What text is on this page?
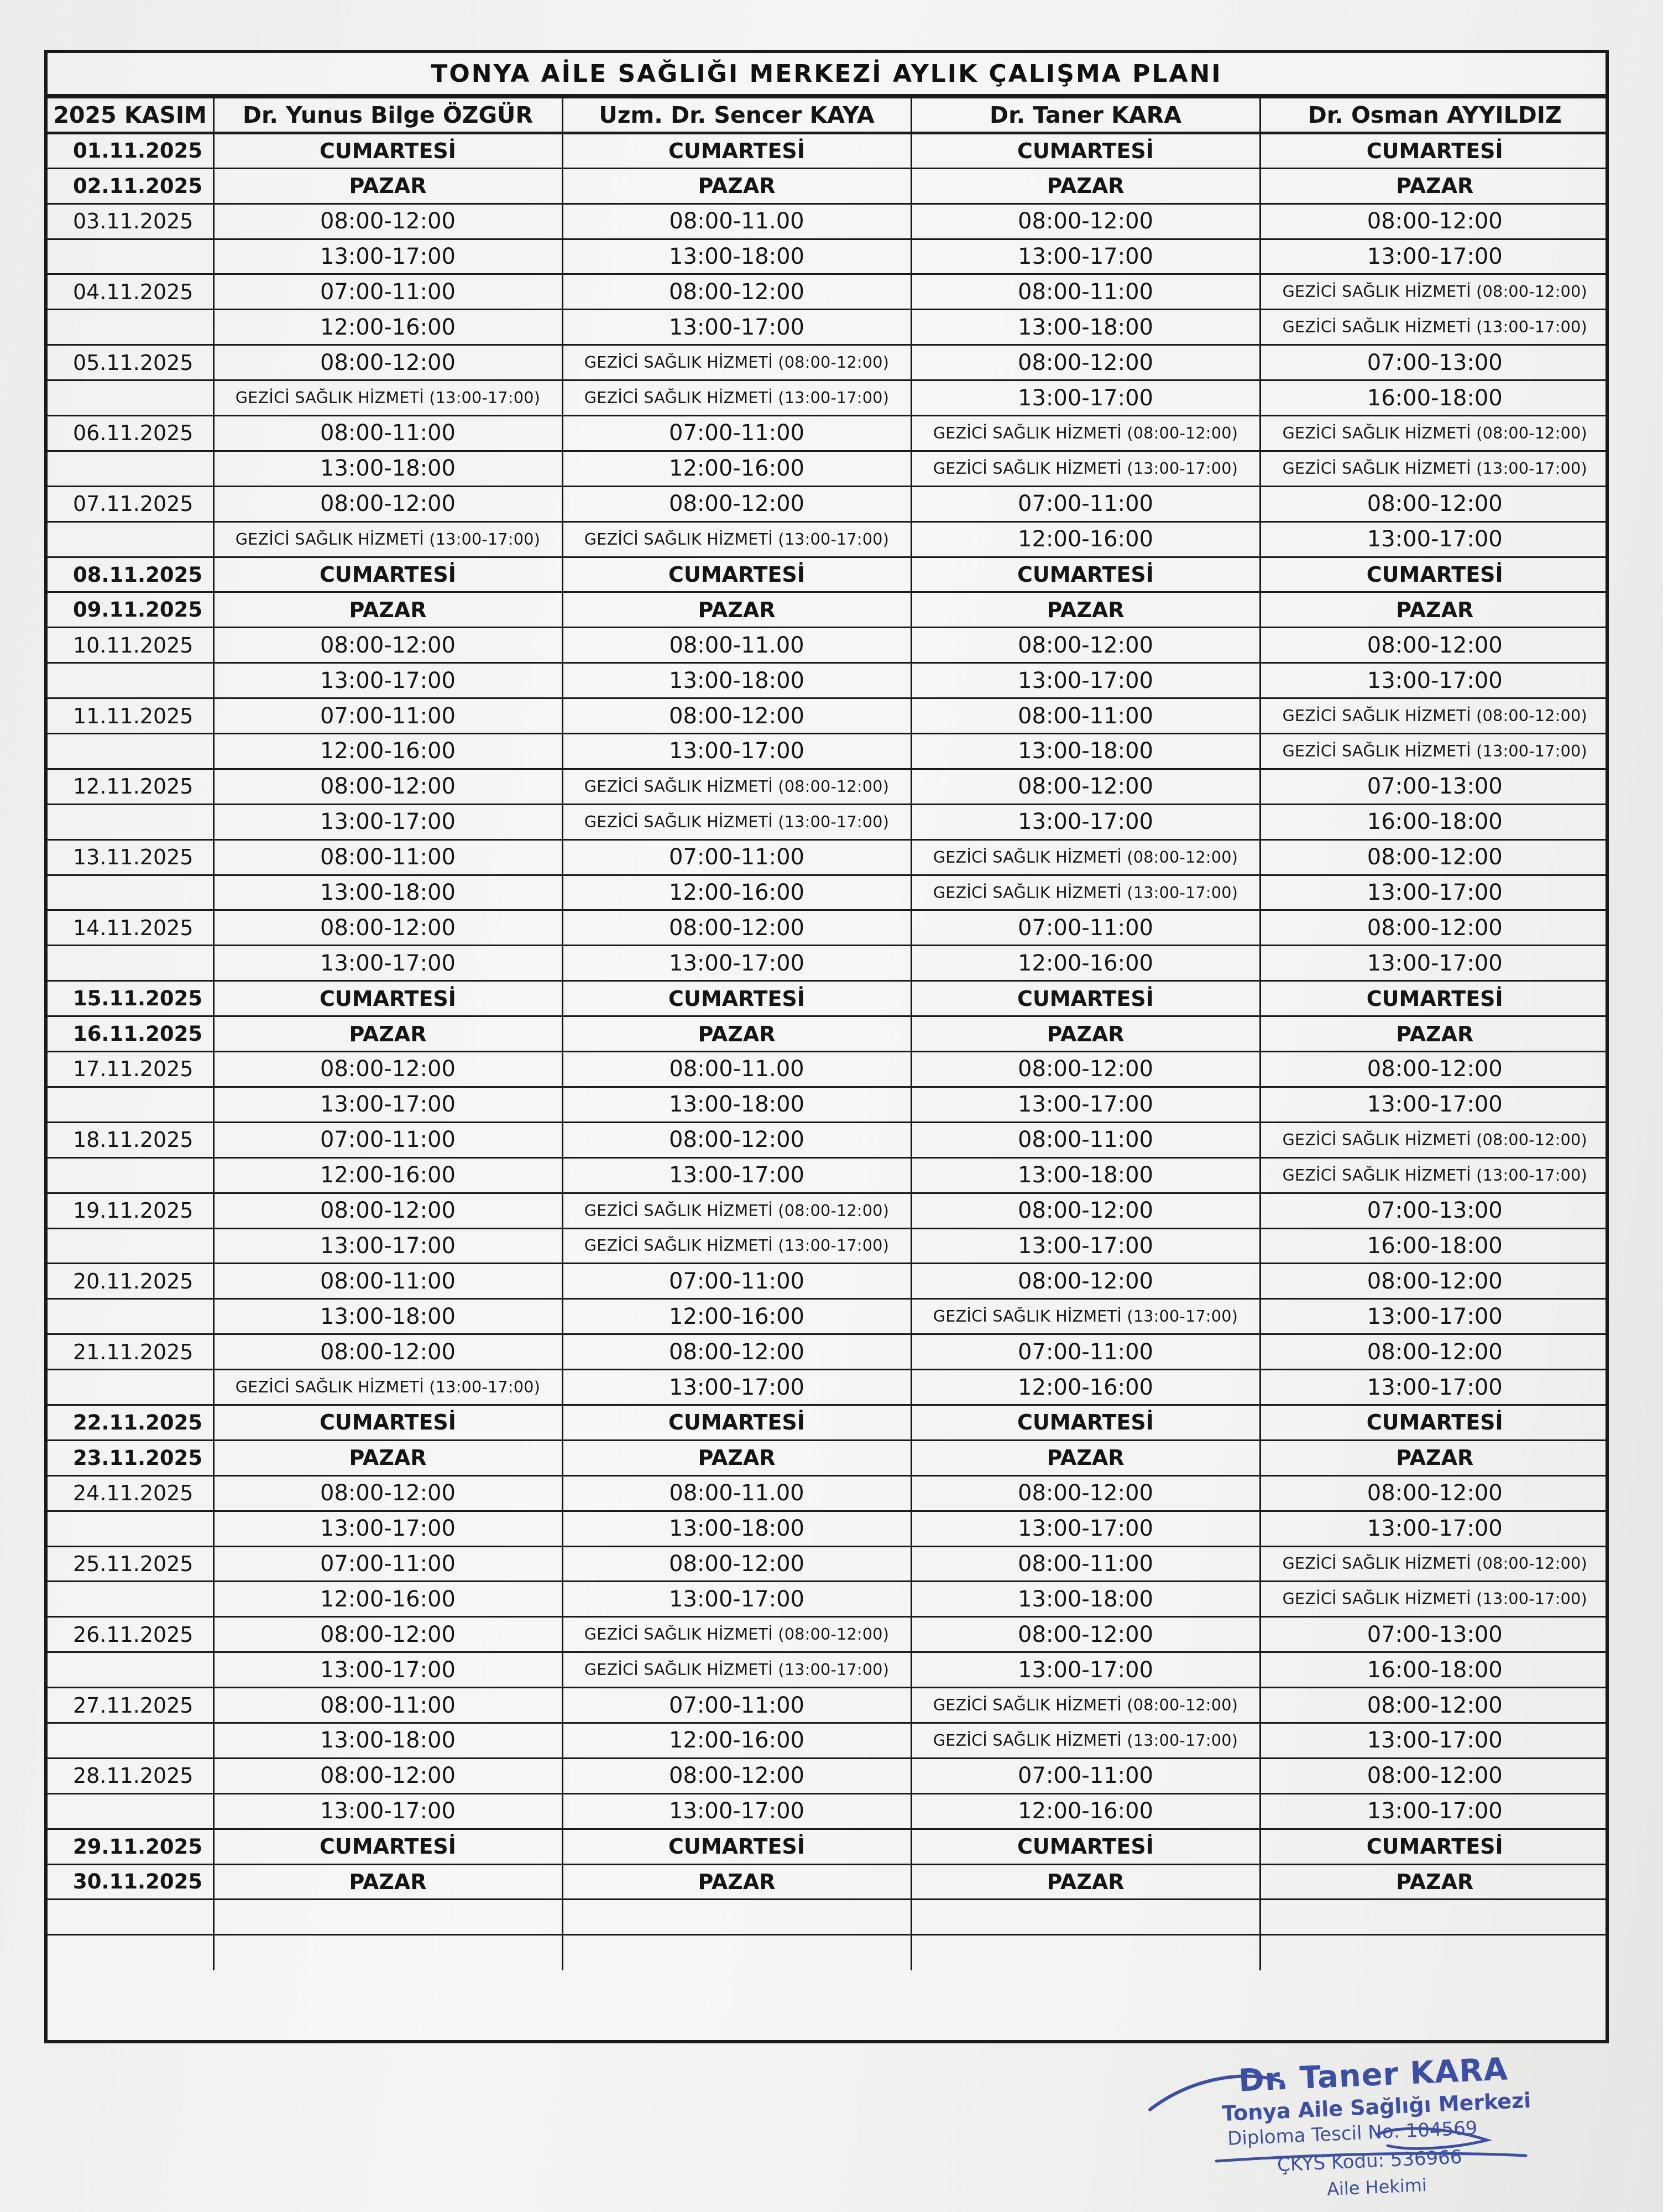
TONYA AİLE SAĞLIĞI MERKEZİ AYLIK ÇALIŞMA PLANI
2025 KASIM	Dr. Yunus Bilge ÖZGÜR	Uzm. Dr. Sencer KAYA	Dr. Taner KARA	Dr. Osman AYYILDIZ
01.11.2025	CUMARTESİ	CUMARTESİ	CUMARTESİ	CUMARTESİ
02.11.2025	PAZAR	PAZAR	PAZAR	PAZAR
03.11.2025	08:00-12:00	08:00-11.00	08:00-12:00	08:00-12:00
	13:00-17:00	13:00-18:00	13:00-17:00	13:00-17:00
04.11.2025	07:00-11:00	08:00-12:00	08:00-11:00	GEZİCİ SAĞLIK HİZMETİ (08:00-12:00)
	12:00-16:00	13:00-17:00	13:00-18:00	GEZİCİ SAĞLIK HİZMETİ (13:00-17:00)
05.11.2025	08:00-12:00	GEZİCİ SAĞLIK HİZMETİ (08:00-12:00)	08:00-12:00	07:00-13:00
	GEZİCİ SAĞLIK HİZMETİ (13:00-17:00)	GEZİCİ SAĞLIK HİZMETİ (13:00-17:00)	13:00-17:00	16:00-18:00
06.11.2025	08:00-11:00	07:00-11:00	GEZİCİ SAĞLIK HİZMETİ (08:00-12:00)	GEZİCİ SAĞLIK HİZMETİ (08:00-12:00)
	13:00-18:00	12:00-16:00	GEZİCİ SAĞLIK HİZMETİ (13:00-17:00)	GEZİCİ SAĞLIK HİZMETİ (13:00-17:00)
07.11.2025	08:00-12:00	08:00-12:00	07:00-11:00	08:00-12:00
	GEZİCİ SAĞLIK HİZMETİ (13:00-17:00)	GEZİCİ SAĞLIK HİZMETİ (13:00-17:00)	12:00-16:00	13:00-17:00
08.11.2025	CUMARTESİ	CUMARTESİ	CUMARTESİ	CUMARTESİ
09.11.2025	PAZAR	PAZAR	PAZAR	PAZAR
10.11.2025	08:00-12:00	08:00-11.00	08:00-12:00	08:00-12:00
	13:00-17:00	13:00-18:00	13:00-17:00	13:00-17:00
11.11.2025	07:00-11:00	08:00-12:00	08:00-11:00	GEZİCİ SAĞLIK HİZMETİ (08:00-12:00)
	12:00-16:00	13:00-17:00	13:00-18:00	GEZİCİ SAĞLIK HİZMETİ (13:00-17:00)
12.11.2025	08:00-12:00	GEZİCİ SAĞLIK HİZMETİ (08:00-12:00)	08:00-12:00	07:00-13:00
	13:00-17:00	GEZİCİ SAĞLIK HİZMETİ (13:00-17:00)	13:00-17:00	16:00-18:00
13.11.2025	08:00-11:00	07:00-11:00	GEZİCİ SAĞLIK HİZMETİ (08:00-12:00)	08:00-12:00
	13:00-18:00	12:00-16:00	GEZİCİ SAĞLIK HİZMETİ (13:00-17:00)	13:00-17:00
14.11.2025	08:00-12:00	08:00-12:00	07:00-11:00	08:00-12:00
	13:00-17:00	13:00-17:00	12:00-16:00	13:00-17:00
15.11.2025	CUMARTESİ	CUMARTESİ	CUMARTESİ	CUMARTESİ
16.11.2025	PAZAR	PAZAR	PAZAR	PAZAR
17.11.2025	08:00-12:00	08:00-11.00	08:00-12:00	08:00-12:00
	13:00-17:00	13:00-18:00	13:00-17:00	13:00-17:00
18.11.2025	07:00-11:00	08:00-12:00	08:00-11:00	GEZİCİ SAĞLIK HİZMETİ (08:00-12:00)
	12:00-16:00	13:00-17:00	13:00-18:00	GEZİCİ SAĞLIK HİZMETİ (13:00-17:00)
19.11.2025	08:00-12:00	GEZİCİ SAĞLIK HİZMETİ (08:00-12:00)	08:00-12:00	07:00-13:00
	13:00-17:00	GEZİCİ SAĞLIK HİZMETİ (13:00-17:00)	13:00-17:00	16:00-18:00
20.11.2025	08:00-11:00	07:00-11:00	08:00-12:00	08:00-12:00
	13:00-18:00	12:00-16:00	GEZİCİ SAĞLIK HİZMETİ (13:00-17:00)	13:00-17:00
21.11.2025	08:00-12:00	08:00-12:00	07:00-11:00	08:00-12:00
	GEZİCİ SAĞLIK HİZMETİ (13:00-17:00)	13:00-17:00	12:00-16:00	13:00-17:00
22.11.2025	CUMARTESİ	CUMARTESİ	CUMARTESİ	CUMARTESİ
23.11.2025	PAZAR	PAZAR	PAZAR	PAZAR
24.11.2025	08:00-12:00	08:00-11.00	08:00-12:00	08:00-12:00
	13:00-17:00	13:00-18:00	13:00-17:00	13:00-17:00
25.11.2025	07:00-11:00	08:00-12:00	08:00-11:00	GEZİCİ SAĞLIK HİZMETİ (08:00-12:00)
	12:00-16:00	13:00-17:00	13:00-18:00	GEZİCİ SAĞLIK HİZMETİ (13:00-17:00)
26.11.2025	08:00-12:00	GEZİCİ SAĞLIK HİZMETİ (08:00-12:00)	08:00-12:00	07:00-13:00
	13:00-17:00	GEZİCİ SAĞLIK HİZMETİ (13:00-17:00)	13:00-17:00	16:00-18:00
27.11.2025	08:00-11:00	07:00-11:00	GEZİCİ SAĞLIK HİZMETİ (08:00-12:00)	08:00-12:00
	13:00-18:00	12:00-16:00	GEZİCİ SAĞLIK HİZMETİ (13:00-17:00)	13:00-17:00
28.11.2025	08:00-12:00	08:00-12:00	07:00-11:00	08:00-12:00
	13:00-17:00	13:00-17:00	12:00-16:00	13:00-17:00
29.11.2025	CUMARTESİ	CUMARTESİ	CUMARTESİ	CUMARTESİ
30.11.2025	PAZAR	PAZAR	PAZAR	PAZAR

Dr. Taner KARA
Tonya Aile Sağlığı Merkezi
Diploma Tescil No: 104569
ÇKYS Kodu: 536966
Aile Hekimi
